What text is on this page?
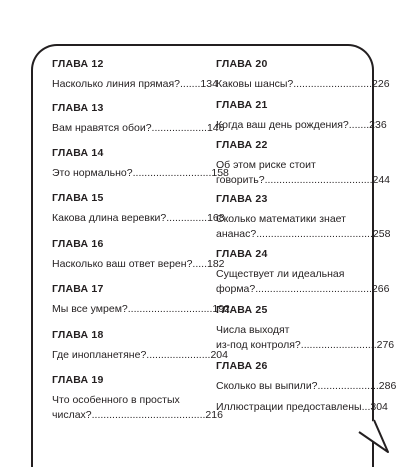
ГЛАВА 12
Насколько линия прямая?.......134
ГЛАВА 13
Вам нравятся обои?...................146
ГЛАВА 14
Это нормально?...........................158
ГЛАВА 15
Какова длина веревки?..............168
ГЛАВА 16
Насколько ваш ответ верен?.....182
ГЛАВА 17
Мы все умрем?.............................192
ГЛАВА 18
Где инопланетяне?......................204
ГЛАВА 19
Что особенного в простых
числах?.......................................216
ГЛАВА 20
Каковы шансы?...........................226
ГЛАВА 21
Когда ваш день рождения?.......236
ГЛАВА 22
Об этом риске стоит
говорить?.....................................244
ГЛАВА 23
Сколько математики знает
ананас?........................................258
ГЛАВА 24
Существует ли идеальная
форма?........................................266
ГЛАВА 25
Числа выходят
из-под контроля?..........................276
ГЛАВА 26
Сколько вы выпили?.....................286
Иллюстрации предоставлены...304
